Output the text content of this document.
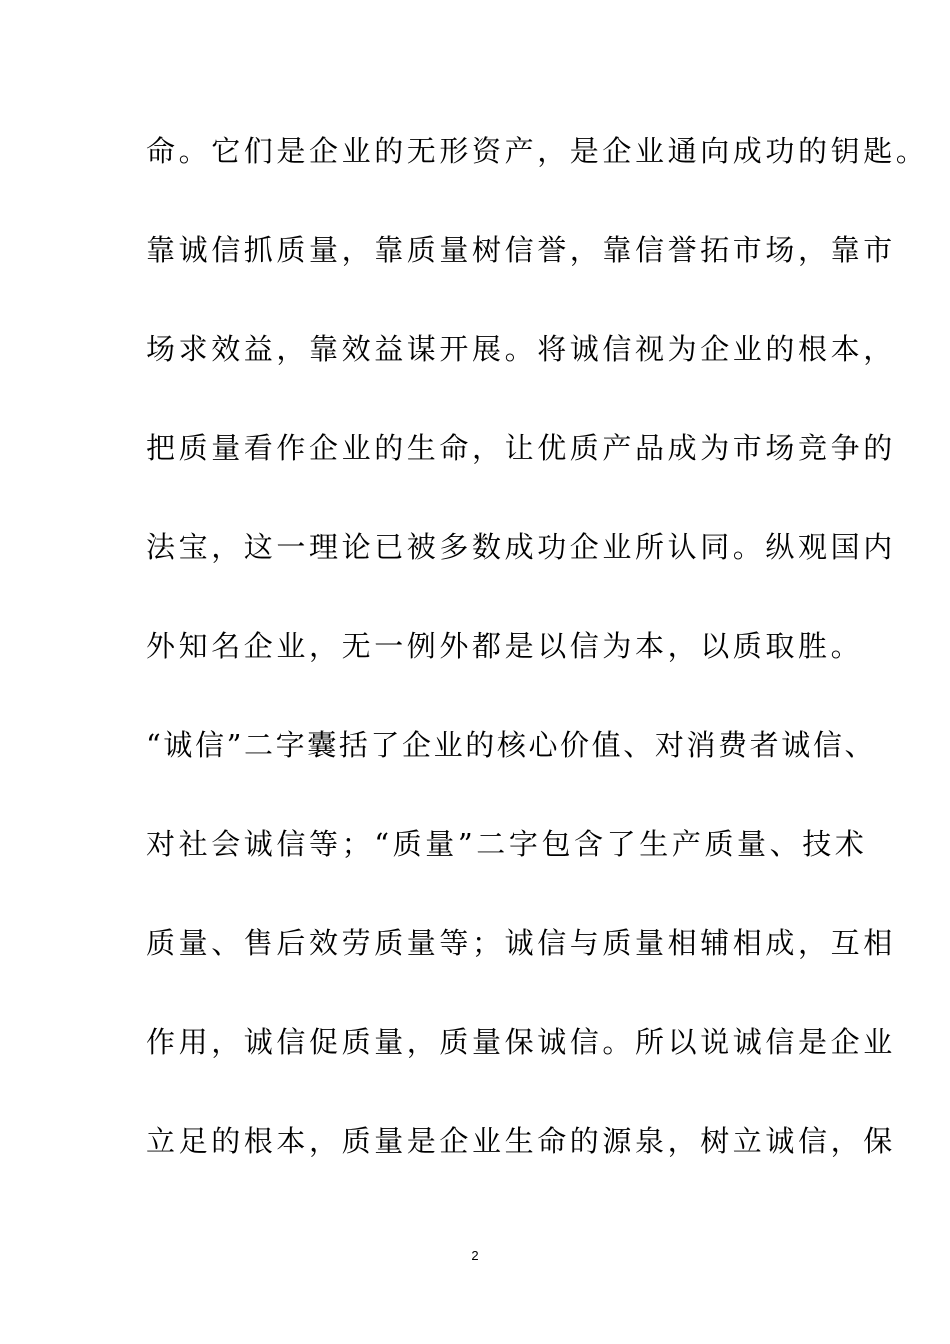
命。它们是企业的无形资产，是企业通向成功的钥匙。
靠诚信抓质量，靠质量树信誉，靠信誉拓市场，靠市
场求效益，靠效益谋开展。将诚信视为企业的根本，
把质量看作企业的生命，让优质产品成为市场竞争的
法宝，这一理论已被多数成功企业所认同。纵观国内
外知名企业，无一例外都是以信为本，以质取胜。
“诚信”二字囊括了企业的核心价值、对消费者诚信、
对社会诚信等；“质量”二字包含了生产质量、技术
质量、售后效劳质量等；诚信与质量相辅相成，互相
作用，诚信促质量，质量保诚信。所以说诚信是企业
立足的根本，质量是企业生命的源泉，树立诚信，保
2
